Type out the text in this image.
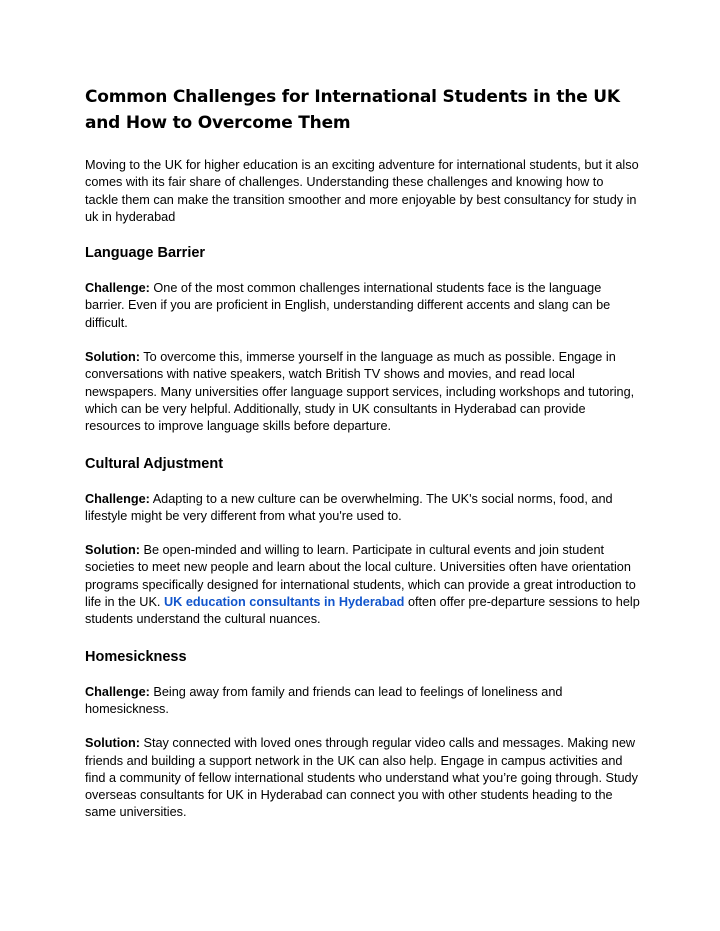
Common Challenges for International Students in the UK and How to Overcome Them

Moving to the UK for higher education is an exciting adventure for international students, but it also comes with its fair share of challenges. Understanding these challenges and knowing how to tackle them can make the transition smoother and more enjoyable by best consultancy for study in uk in hyderabad

Language Barrier

Challenge: One of the most common challenges international students face is the language barrier. Even if you are proficient in English, understanding different accents and slang can be difficult.

Solution: To overcome this, immerse yourself in the language as much as possible. Engage in conversations with native speakers, watch British TV shows and movies, and read local newspapers. Many universities offer language support services, including workshops and tutoring, which can be very helpful. Additionally, study in UK consultants in Hyderabad can provide resources to improve language skills before departure.

Cultural Adjustment

Challenge: Adapting to a new culture can be overwhelming. The UK's social norms, food, and lifestyle might be very different from what you're used to.

Solution: Be open-minded and willing to learn. Participate in cultural events and join student societies to meet new people and learn about the local culture. Universities often have orientation programs specifically designed for international students, which can provide a great introduction to life in the UK. UK education consultants in Hyderabad often offer pre-departure sessions to help students understand the cultural nuances.

Homesickness

Challenge: Being away from family and friends can lead to feelings of loneliness and homesickness.

Solution: Stay connected with loved ones through regular video calls and messages. Making new friends and building a support network in the UK can also help. Engage in campus activities and find a community of fellow international students who understand what you’re going through. Study overseas consultants for UK in Hyderabad can connect you with other students heading to the same universities.
